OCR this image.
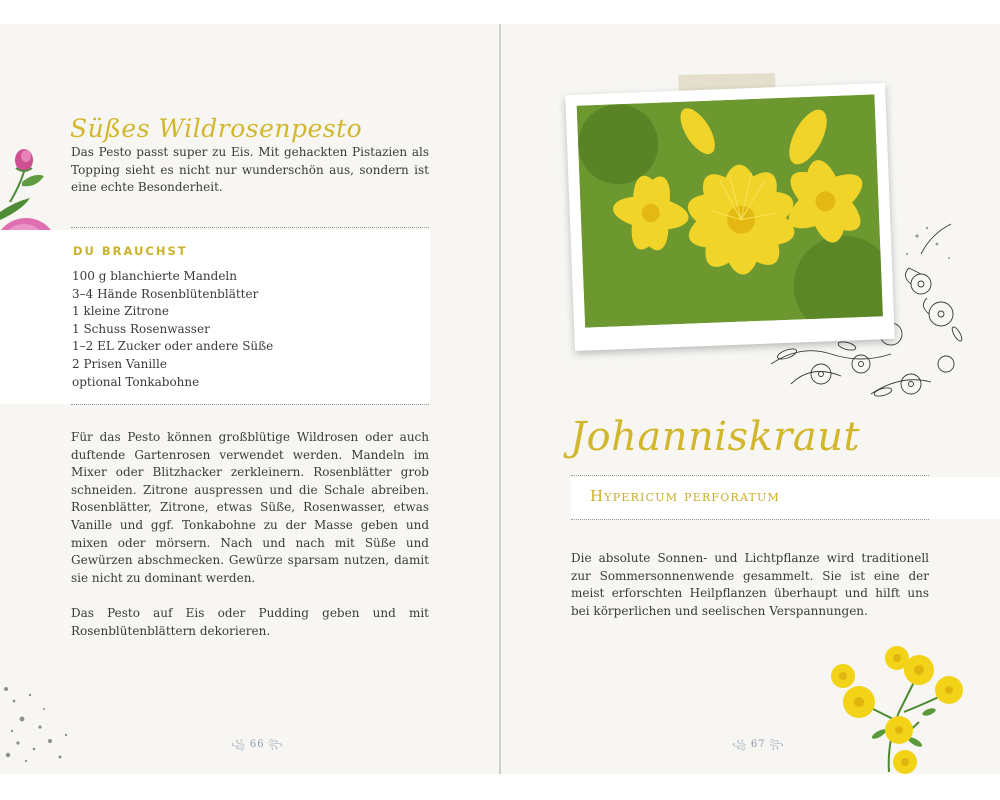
Süßes Wildrosenpesto

Das Pesto passt super zu Eis. Mit gehackten Pistazien als Topping sieht es nicht nur wunderschön aus, sondern ist eine echte Besonderheit.

DU BRAUCHST
100 g blanchierte Mandeln
3–4 Hände Rosenblütenblätter
1 kleine Zitrone
1 Schuss Rosenwasser
1–2 EL Zucker oder andere Süße
2 Prisen Vanille
optional Tonkabohne

Für das Pesto können großblütige Wildrosen oder auch duftende Gartenrosen verwendet werden. Mandeln im Mixer oder Blitzhacker zerkleinern. Rosenblätter grob schneiden. Zitrone auspressen und die Schale abreiben. Rosenblätter, Zitrone, etwas Süße, Rosenwasser, etwas Vanille und ggf. Tonkabohne zu der Masse geben und mixen oder mörsern. Nach und nach mit Süße und Gewürzen abschmecken. Gewürze sparsam nutzen, damit sie nicht zu dominant werden.

Das Pesto auf Eis oder Pudding geben und mit Rosenblütenblättern dekorieren.

꧁ 66 ꧂
Johanniskraut
Hypericum perforatum

Die absolute Sonnen- und Lichtpflanze wird traditionell zur Sommersonnenwende gesammelt. Sie ist eine der meist erforschten Heilpflanzen überhaupt und hilft uns bei körperlichen und seelischen Verspannungen.

꧁ 67 ꧂
